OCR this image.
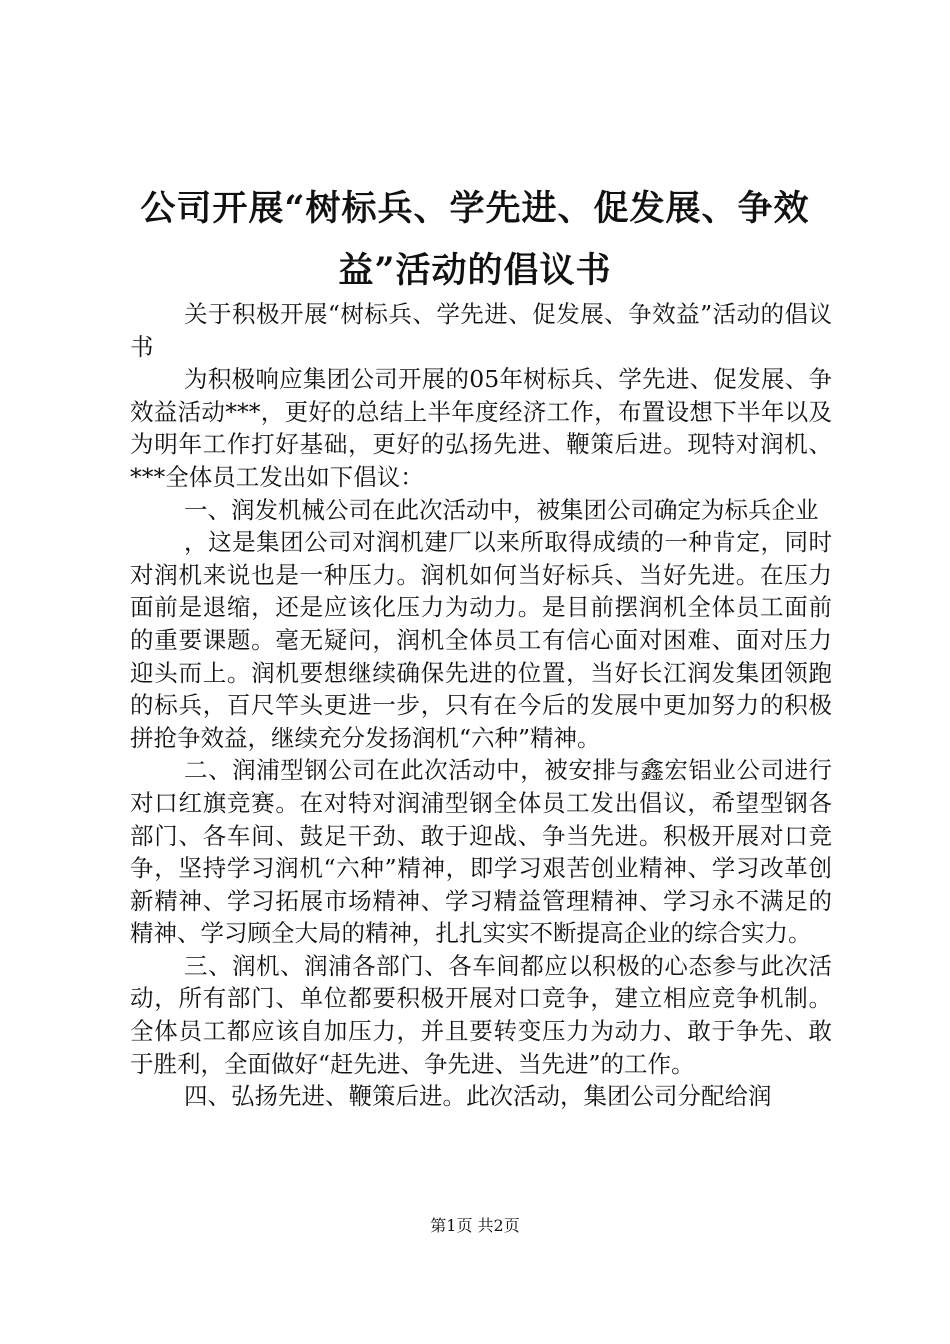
公司开展“树标兵、学先进、促发展、争效
益”活动的倡议书

关于积极开展“树标兵、学先进、促发展、争效益”活动的倡议书

为积极响应集团公司开展的05年树标兵、学先进、促发展、争效益活动***，更好的总结上半年度经济工作，布置设想下半年以及为明年工作打好基础，更好的弘扬先进、鞭策后进。现特对润机、***全体员工发出如下倡议：

一、润发机械公司在此次活动中，被集团公司确定为标兵企业

，这是集团公司对润机建厂以来所取得成绩的一种肯定，同时对润机来说也是一种压力。润机如何当好标兵、当好先进。在压力面前是退缩，还是应该化压力为动力。是目前摆润机全体员工面前的重要课题。毫无疑问，润机全体员工有信心面对困难、面对压力迎头而上。润机要想继续确保先进的位置，当好长江润发集团领跑的标兵，百尺竿头更进一步，只有在今后的发展中更加努力的积极拼抢争效益，继续充分发扬润机“六种”精神。

二、润浦型钢公司在此次活动中，被安排与鑫宏铝业公司进行对口红旗竞赛。在对特对润浦型钢全体员工发出倡议，希望型钢各部门、各车间、鼓足干劲、敢于迎战、争当先进。积极开展对口竞争，坚持学习润机“六种”精神，即学习艰苦创业精神、学习改革创新精神、学习拓展市场精神、学习精益管理精神、学习永不满足的精神、学习顾全大局的精神，扎扎实实不断提高企业的综合实力。

三、润机、润浦各部门、各车间都应以积极的心态参与此次活动，所有部门、单位都要积极开展对口竞争，建立相应竞争机制。全体员工都应该自加压力，并且要转变压力为动力、敢于争先、敢于胜利，全面做好“赶先进、争先进、当先进”的工作。

四、弘扬先进、鞭策后进。此次活动，集团公司分配给润

第1页 共2页
